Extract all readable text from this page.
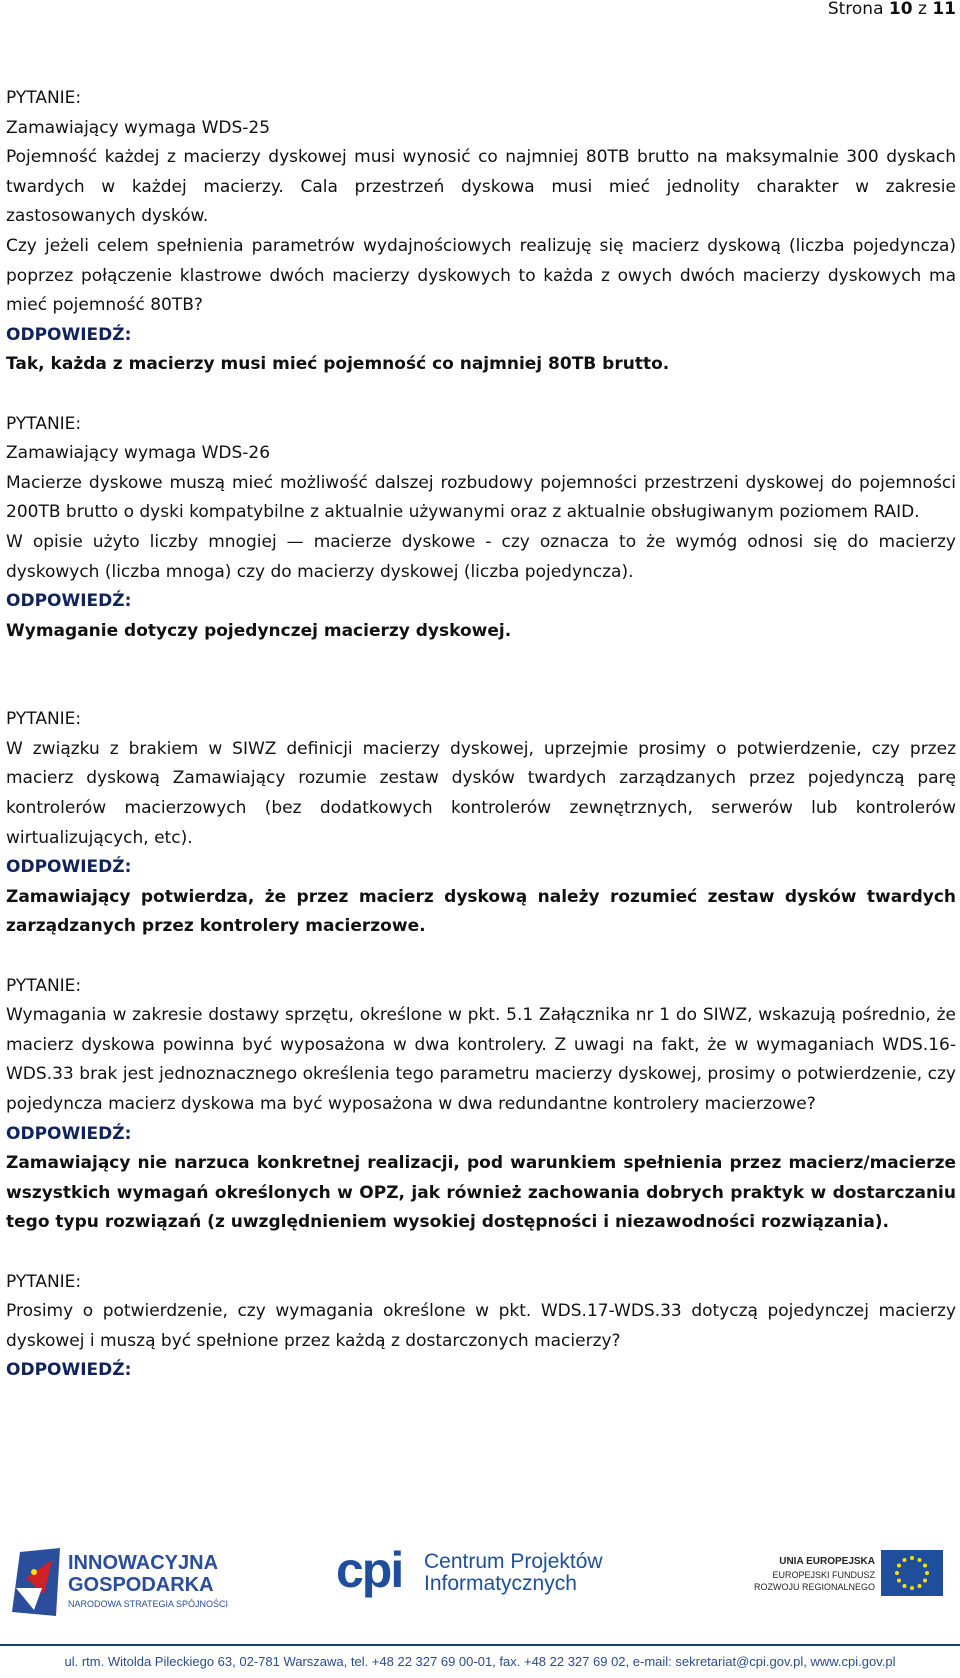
Strona 10 z 11
PYTANIE:
Zamawiający wymaga WDS-25
Pojemność każdej z macierzy dyskowej musi wynosić co najmniej 80TB brutto na maksymalnie 300 dyskach twardych w każdej macierzy. Cala przestrzeń dyskowa musi mieć jednolity charakter w zakresie zastosowanych dysków.
Czy jeżeli celem spełnienia parametrów wydajnościowych realizuję się macierz dyskową (liczba pojedyncza) poprzez połączenie klastrowe dwóch macierzy dyskowych to każda z owych dwóch macierzy dyskowych ma mieć pojemność 80TB?
ODPOWIEDŹ:
Tak, każda z macierzy musi mieć pojemność co najmniej 80TB brutto.
PYTANIE:
Zamawiający wymaga WDS-26
Macierze dyskowe muszą mieć możliwość dalszej rozbudowy pojemności przestrzeni dyskowej do pojemności 200TB brutto o dyski kompatybilne z aktualnie używanymi oraz z aktualnie obsługiwanym poziomem RAID.
W opisie użyto liczby mnogiej — macierze dyskowe - czy oznacza to że wymóg odnosi się do macierzy dyskowych (liczba mnoga) czy do macierzy dyskowej (liczba pojedyncza).
ODPOWIEDŹ:
Wymaganie dotyczy pojedynczej macierzy dyskowej.
PYTANIE:
W związku z brakiem w SIWZ definicji macierzy dyskowej, uprzejmie prosimy o potwierdzenie, czy przez macierz dyskową Zamawiający rozumie zestaw dysków twardych zarządzanych przez pojedynczą parę kontrolerów macierzowych (bez dodatkowych kontrolerów zewnętrznych, serwerów lub kontrolerów wirtualizujących, etc).
ODPOWIEDŹ:
Zamawiający potwierdza, że przez macierz dyskową należy rozumieć zestaw dysków twardych zarządzanych przez kontrolery macierzowe.
PYTANIE:
Wymagania w zakresie dostawy sprzętu, określone w pkt. 5.1 Załącznika nr 1 do SIWZ, wskazują pośrednio, że macierz dyskowa powinna być wyposażona w dwa kontrolery. Z uwagi na fakt, że w wymaganiach WDS.16-WDS.33 brak jest jednoznacznego określenia tego parametru macierzy dyskowej, prosimy o potwierdzenie, czy pojedyncza macierz dyskowa ma być wyposażona w dwa redundantne kontrolery macierzowe?
ODPOWIEDŹ:
Zamawiający nie narzuca konkretnej realizacji, pod warunkiem spełnienia przez macierz/macierze wszystkich wymagań określonych w OPZ, jak również zachowania dobrych praktyk w dostarczaniu tego typu rozwiązań (z uwzględnieniem wysokiej dostępności i niezawodności rozwiązania).
PYTANIE:
Prosimy o potwierdzenie, czy wymagania określone w pkt. WDS.17-WDS.33 dotyczą pojedynczej macierzy dyskowej i muszą być spełnione przez każdą z dostarczonych macierzy?
ODPOWIEDŹ:
INNOWACYJNA
GOSPODARKA
NARODOWA STRATEGIA SPÓJNOŚCI
cpi Centrum Projektów
Informatycznych
UNIA EUROPEJSKA
EUROPEJSKI FUNDUSZ
ROZWOJU REGIONALNEGO
ul. rtm. Witolda Pileckiego 63, 02-781 Warszawa, tel. +48 22 327 69 00-01, fax. +48 22 327 69 02, e-mail: sekretariat@cpi.gov.pl, www.cpi.gov.pl
